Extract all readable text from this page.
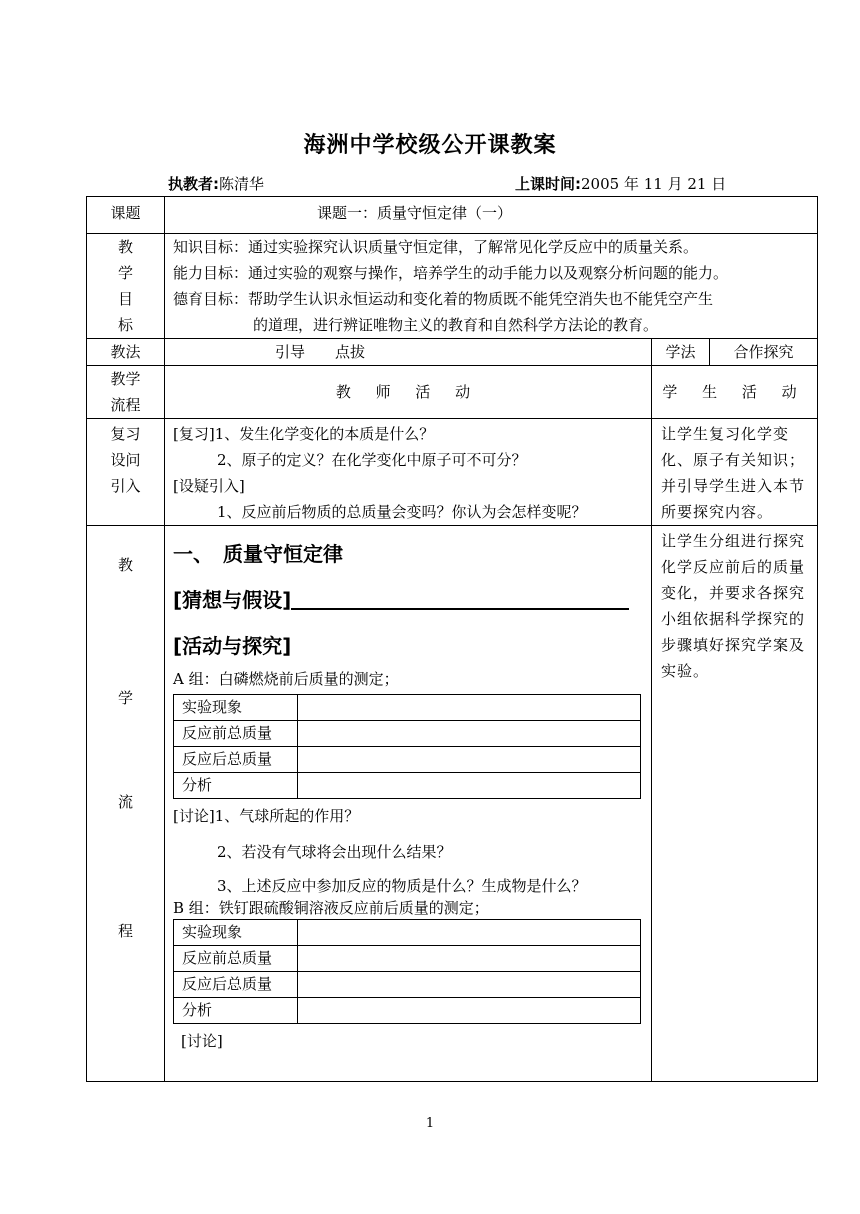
海洲中学校级公开课教案
执教者:陈清华	上课时间:2005 年 11 月 21 日
课题	课题一：质量守恒定律（一）

教
学
目
标

知识目标：通过实验探究认识质量守恒定律，了解常见化学反应中的质量关系。
能力目标：通过实验的观察与操作，培养学生的动手能力以及观察分析问题的能力。
德育目标：帮助学生认识永恒运动和变化着的物质既不能凭空消失也不能凭空产生
的道理，进行辨证唯物主义的教育和自然科学方法论的教育。

教法	引导　　点拔	学法	合作探究

教学
流程
	教 师 活 动	学 生 活 动

复习
设问
引入

[复习]1、发生化学变化的本质是什么？
2、原子的定义？在化学变化中原子可不可分？
[设疑引入]
1、反应前后物质的总质量会变吗？你认为会怎样变呢？
	让学生复习化学变化、原子有关知识；并引导学生进入本节所要探究内容。

教
学
流
程

一、　质量守恒定律
[猜想与假设]
[活动与探究]
A 组：白磷燃烧前后质量的测定；
实验现象	
反应前总质量	
反应后总质量	
分析	
[讨论]1、气球所起的作用？
2、若没有气球将会出现什么结果？
3、上述反应中参加反应的物质是什么？生成物是什么？
B 组：铁钉跟硫酸铜溶液反应前后质量的测定；
实验现象	
反应前总质量	
反应后总质量	
分析	
[讨论]
	让学生分组进行探究化学反应前后的质量变化，并要求各探究小组依据科学探究的步骤填好探究学案及实验。
1
